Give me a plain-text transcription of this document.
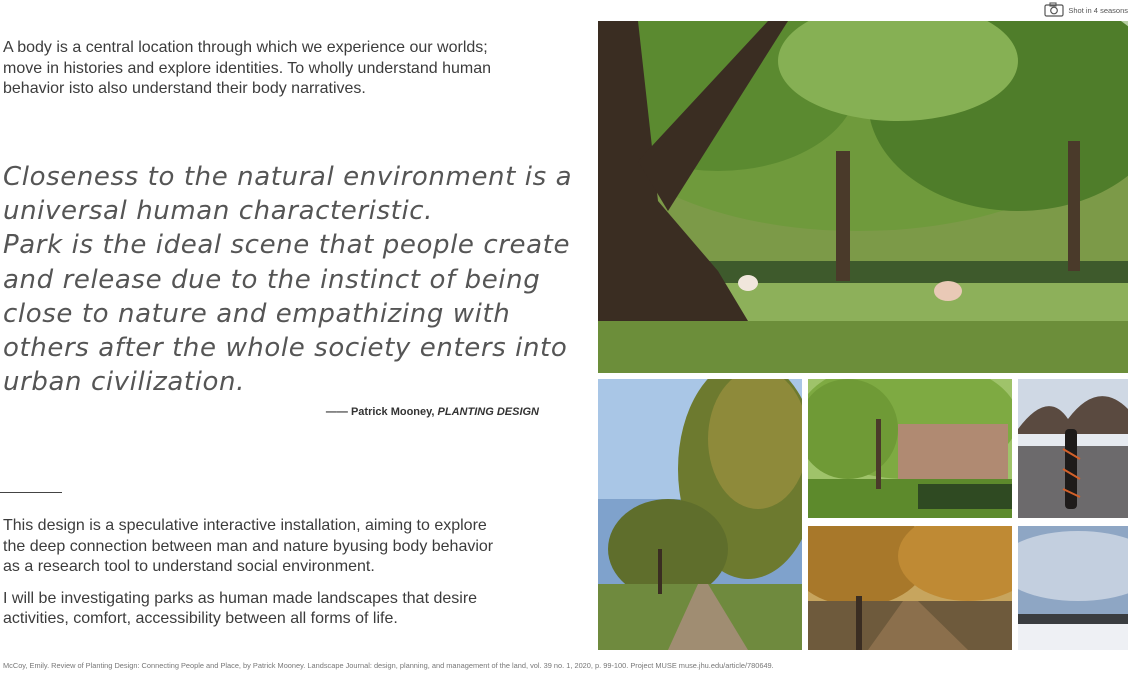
A body is a central location through which we experience our worlds;
move in histories and explore identities. To wholly understand human
behavior isto also understand their body narratives.
Closeness to the natural environment is a
universal human characteristic.
Park is the ideal scene that people create
and release due to the instinct of being
close to nature and empathizing with
others after the whole society enters into
urban civilization.
—— Patrick Mooney, PLANTING DESIGN

This design is a speculative interactive installation, aiming to explore
the deep connection between man and nature byusing body behavior
as a research tool to understand social environment.

I will be investigating parks as human made landscapes that desire
activities, comfort, accessibility between all forms of life.

McCoy, Emily. Review of Planting Design: Connecting People and Place, by Patrick Mooney. Landscape Journal: design, planning, and management of the land, vol. 39 no. 1, 2020, p. 99-100. Project MUSE muse.jhu.edu/article/780649.
Shot in 4 seasons
